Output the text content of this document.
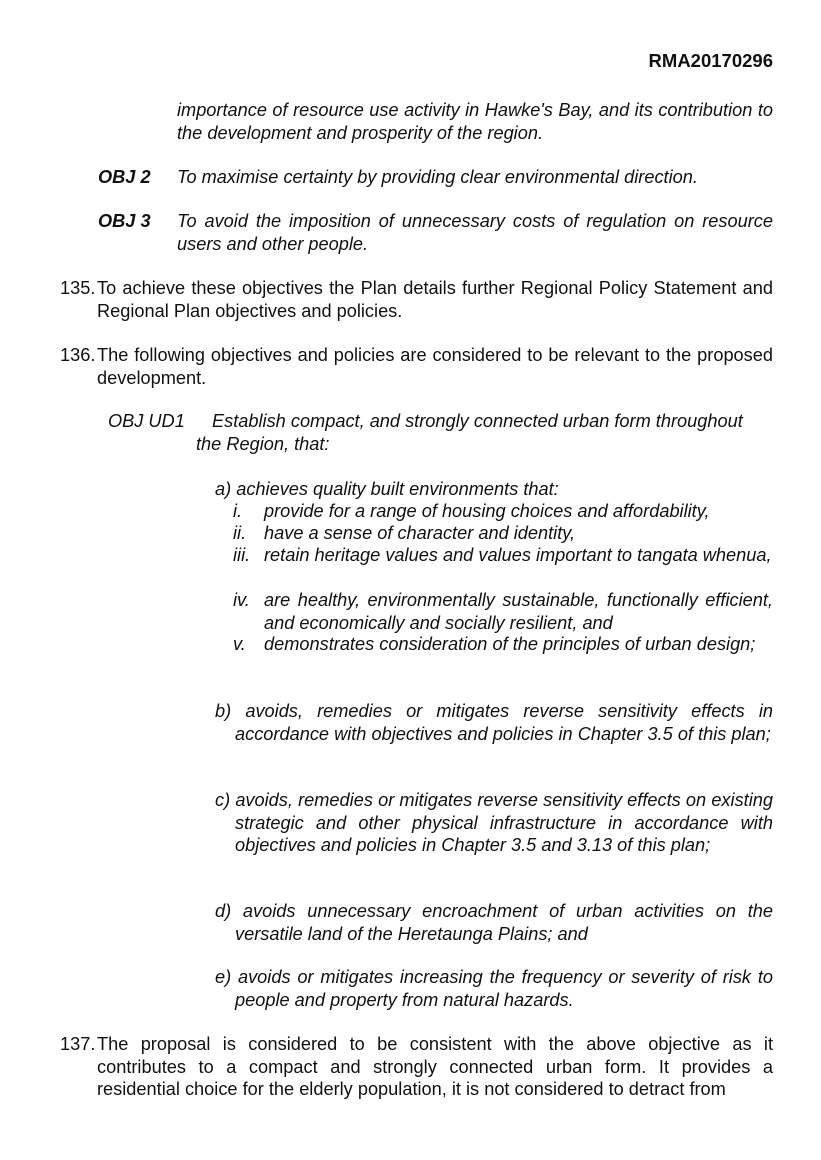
RMA20170296
importance of resource use activity in Hawke's Bay, and its contribution to the development and prosperity of the region.
OBJ 2 To maximise certainty by providing clear environmental direction.
OBJ 3 To avoid the imposition of unnecessary costs of regulation on resource users and other people.
135. To achieve these objectives the Plan details further Regional Policy Statement and Regional Plan objectives and policies.
136. The following objectives and policies are considered to be relevant to the proposed development.
OBJ UD1	Establish compact, and strongly connected urban form throughout the Region, that:
a) achieves quality built environments that:
i. provide for a range of housing choices and affordability,
ii. have a sense of character and identity,
iii. retain heritage values and values important to tangata whenua,
iv. are healthy, environmentally sustainable, functionally efficient, and economically and socially resilient, and
v. demonstrates consideration of the principles of urban design;
b) avoids, remedies or mitigates reverse sensitivity effects in accordance with objectives and policies in Chapter 3.5 of this plan;
c) avoids, remedies or mitigates reverse sensitivity effects on existing strategic and other physical infrastructure in accordance with objectives and policies in Chapter 3.5 and 3.13 of this plan;
d) avoids unnecessary encroachment of urban activities on the versatile land of the Heretaunga Plains; and
e) avoids or mitigates increasing the frequency or severity of risk to people and property from natural hazards.
137. The proposal is considered to be consistent with the above objective as it contributes to a compact and strongly connected urban form. It provides a residential choice for the elderly population, it is not considered to detract from
